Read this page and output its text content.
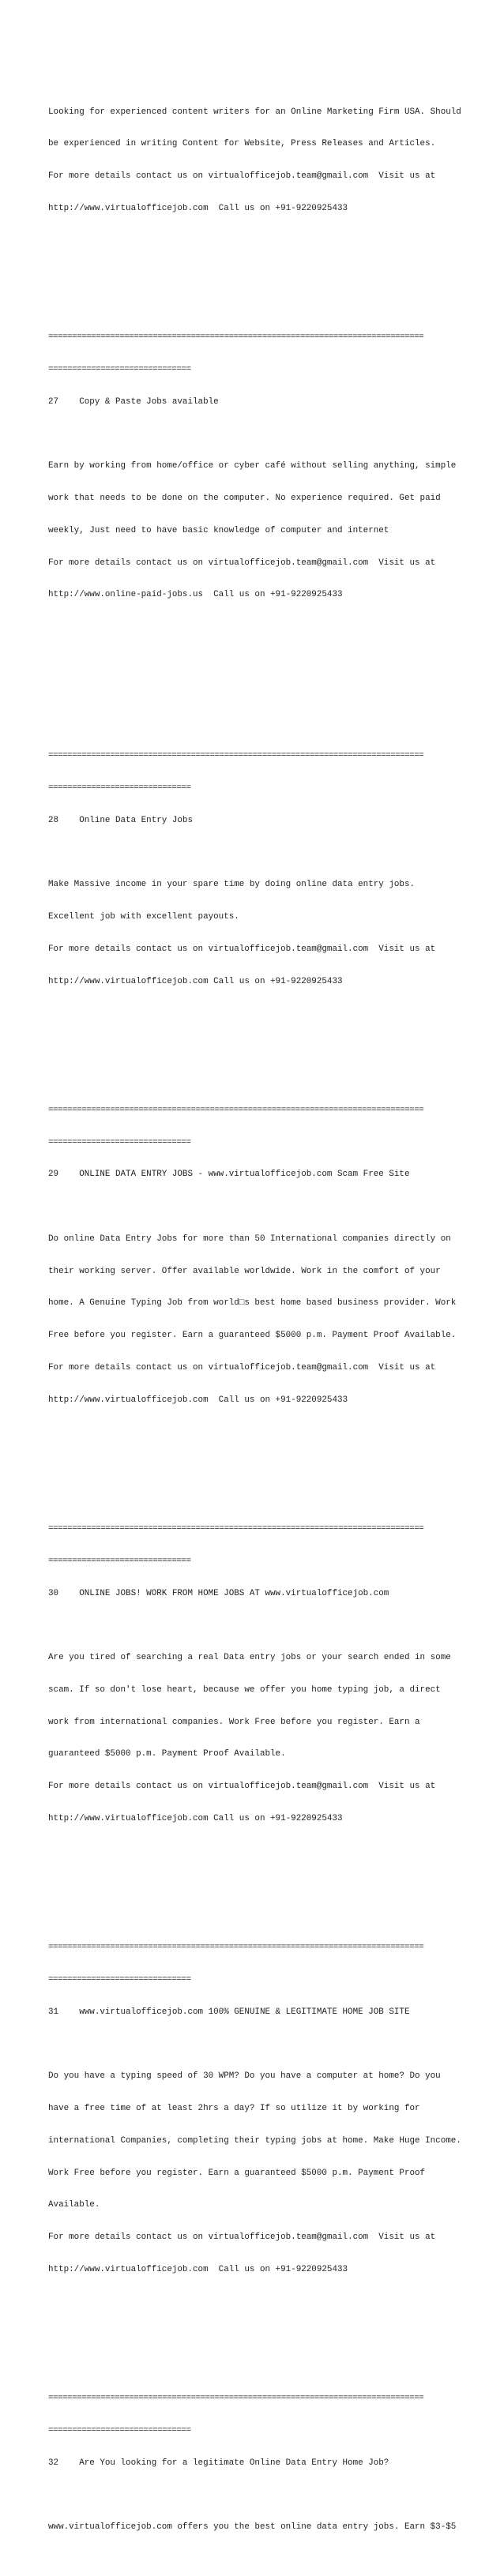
Looking for experienced content writers for an Online Marketing Firm USA. Should

be experienced in writing Content for Website, Press Releases and Articles.

For more details contact us on virtualofficejob.team@gmail.com  Visit us at

http://www.virtualofficejob.com  Call us on +91-9220925433

===============================================================================

==============================

27    Copy & Paste Jobs available

Earn by working from home/office or cyber café without selling anything, simple

work that needs to be done on the computer. No experience required. Get paid

weekly, Just need to have basic knowledge of computer and internet

For more details contact us on virtualofficejob.team@gmail.com  Visit us at

http://www.online-paid-jobs.us  Call us on +91-9220925433

===============================================================================

==============================

28    Online Data Entry Jobs

Make Massive income in your spare time by doing online data entry jobs.

Excellent job with excellent payouts.

For more details contact us on virtualofficejob.team@gmail.com  Visit us at

http://www.virtualofficejob.com Call us on +91-9220925433

===============================================================================

==============================

29    ONLINE DATA ENTRY JOBS - www.virtualofficejob.com Scam Free Site

Do online Data Entry Jobs for more than 50 International companies directly on

their working server. Offer available worldwide. Work in the comfort of your

home. A Genuine Typing Job from world□s best home based business provider. Work

Free before you register. Earn a guaranteed $5000 p.m. Payment Proof Available.

For more details contact us on virtualofficejob.team@gmail.com  Visit us at

http://www.virtualofficejob.com  Call us on +91-9220925433

===============================================================================

==============================

30    ONLINE JOBS! WORK FROM HOME JOBS AT www.virtualofficejob.com

Are you tired of searching a real Data entry jobs or your search ended in some

scam. If so don't lose heart, because we offer you home typing job, a direct

work from international companies. Work Free before you register. Earn a

guaranteed $5000 p.m. Payment Proof Available.

For more details contact us on virtualofficejob.team@gmail.com  Visit us at

http://www.virtualofficejob.com Call us on +91-9220925433

===============================================================================

==============================

31    www.virtualofficejob.com 100% GENUINE & LEGITIMATE HOME JOB SITE

Do you have a typing speed of 30 WPM? Do you have a computer at home? Do you

have a free time of at least 2hrs a day? If so utilize it by working for

international Companies, completing their typing jobs at home. Make Huge Income.

Work Free before you register. Earn a guaranteed $5000 p.m. Payment Proof

Available.

For more details contact us on virtualofficejob.team@gmail.com  Visit us at

http://www.virtualofficejob.com  Call us on +91-9220925433

===============================================================================

==============================

32    Are You looking for a legitimate Online Data Entry Home Job?

www.virtualofficejob.com offers you the best online data entry jobs. Earn $3-$5
